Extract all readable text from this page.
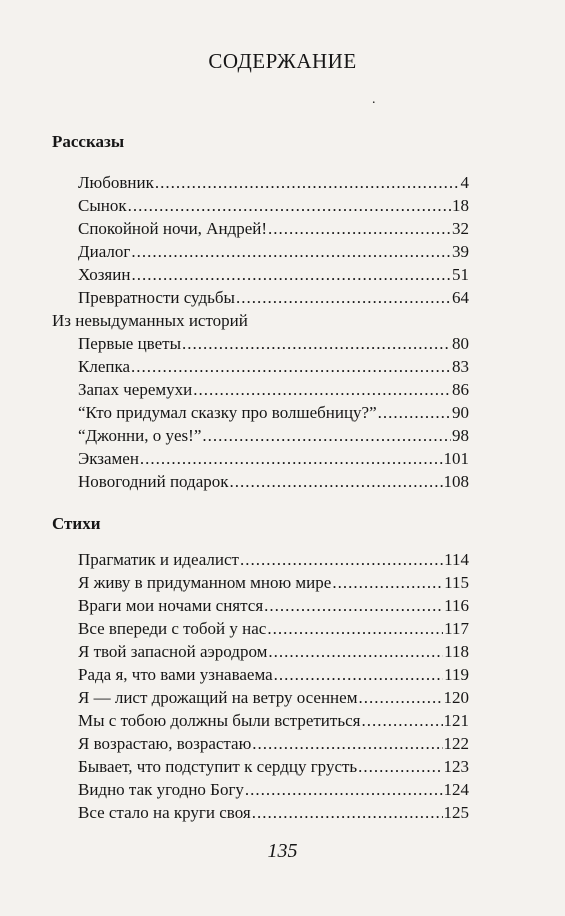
СОДЕРЖАНИЕ
.
Рассказы
Любовник .....	4
Сынок .....	18
Спокойной ночи, Андрей! .....	32
Диалог .....	39
Хозяин .....	51
Превратности судьбы .....	64
Из невыдуманных историй
Первые цветы .....	80
Клепка .....	83
Запах черемухи .....	86
“Кто придумал сказку про волшебницу?” .....	90
“Джонни, о yes!” .....	98
Экзамен .....	101
Новогодний подарок .....	108
Стихи
Прагматик и идеалист .....	114
Я живу в придуманном мною мире .....	115
Враги мои ночами снятся .....	116
Все впереди с тобой у нас .....	117
Я твой запасной аэродром .....	118
Рада я, что вами узнаваема .....	119
Я — лист дрожащий на ветру осеннем .....	120
Мы с тобою должны были встретиться .....	121
Я возрастаю, возрастаю .....	122
Бывает, что подступит к сердцу грусть .....	123
Видно так угодно Богу .....	124
Все стало на круги своя .....	125
135
